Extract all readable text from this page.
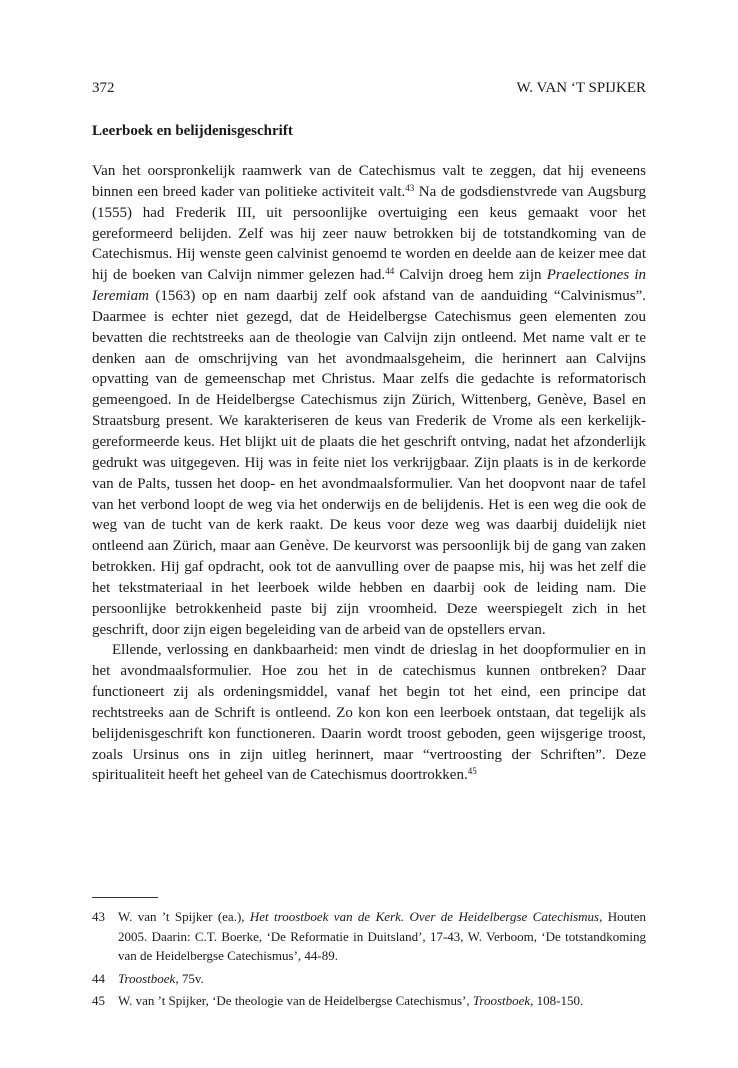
372	W. VAN ‘T SPIJKER
Leerboek en belijdenisgeschrift

Van het oorspronkelijk raamwerk van de Catechismus valt te zeggen, dat hij eveneens binnen een breed kader van politieke activiteit valt.$^{43}$ Na de godsdienstvrede van Augsburg (1555) had Frederik III, uit persoonlijke overtuiging een keus gemaakt voor het gereformeerd belijden. Zelf was hij zeer nauw betrokken bij de totstandkoming van de Catechismus. Hij wenste geen calvinist genoemd te worden en deelde aan de keizer mee dat hij de boeken van Calvijn nimmer gelezen had.$^{44}$ Calvijn droeg hem zijn Praelectiones in Ieremiam (1563) op en nam daarbij zelf ook afstand van de aanduiding “Calvinismus”. Daarmee is echter niet gezegd, dat de Heidelbergse Catechismus geen elementen zou bevatten die rechtstreeks aan de theologie van Calvijn zijn ontleend. Met name valt er te denken aan de omschrijving van het avondmaalsgeheim, die herinnert aan Calvijns opvatting van de gemeenschap met Christus. Maar zelfs die gedachte is reformatorisch gemeengoed. In de Heidelbergse Catechismus zijn Zürich, Wittenberg, Genève, Basel en Straatsburg present. We karakteriseren de keus van Frederik de Vrome als een kerkelijk-gereformeerde keus. Het blijkt uit de plaats die het geschrift ontving, nadat het afzonderlijk gedrukt was uitgegeven. Hij was in feite niet los verkrijgbaar. Zijn plaats is in de kerkorde van de Palts, tussen het doop- en het avondmaalsformulier. Van het doopvont naar de tafel van het verbond loopt de weg via het onderwijs en de belijdenis. Het is een weg die ook de weg van de tucht van de kerk raakt. De keus voor deze weg was daarbij duidelijk niet ontleend aan Zürich, maar aan Genève. De keurvorst was persoonlijk bij de gang van zaken betrokken. Hij gaf opdracht, ook tot de aanvulling over de paapse mis, hij was het zelf die het tekstmateriaal in het leerboek wilde hebben en daarbij ook de leiding nam. Die persoonlijke betrokkenheid paste bij zijn vroomheid. Deze weerspiegelt zich in het geschrift, door zijn eigen begeleiding van de arbeid van de opstellers ervan.

Ellende, verlossing en dankbaarheid: men vindt de drieslag in het doopformulier en in het avondmaalsformulier. Hoe zou het in de catechismus kunnen ontbreken? Daar functioneert zij als ordeningsmiddel, vanaf het begin tot het eind, een principe dat rechtstreeks aan de Schrift is ontleend. Zo kon kon een leerboek ontstaan, dat tegelijk als belijdenisgeschrift kon functioneren. Daarin wordt troost geboden, geen wijsgerige troost, zoals Ursinus ons in zijn uitleg herinnert, maar “vertroosting der Schriften”. Deze spiritualiteit heeft het geheel van de Catechismus doortrokken.$^{45}$

43	W. van ’t Spijker (ea.), Het troostboek van de Kerk. Over de Heidelbergse Catechismus, Houten 2005. Daarin: C.T. Boerke, ‘De Reformatie in Duitsland’, 17-43, W. Verboom, ‘De totstandkoming van de Heidelbergse Catechismus’, 44-89.
44	Troostboek, 75v.
45	W. van ’t Spijker, ‘De theologie van de Heidelbergse Catechismus’, Troostboek, 108-150.
